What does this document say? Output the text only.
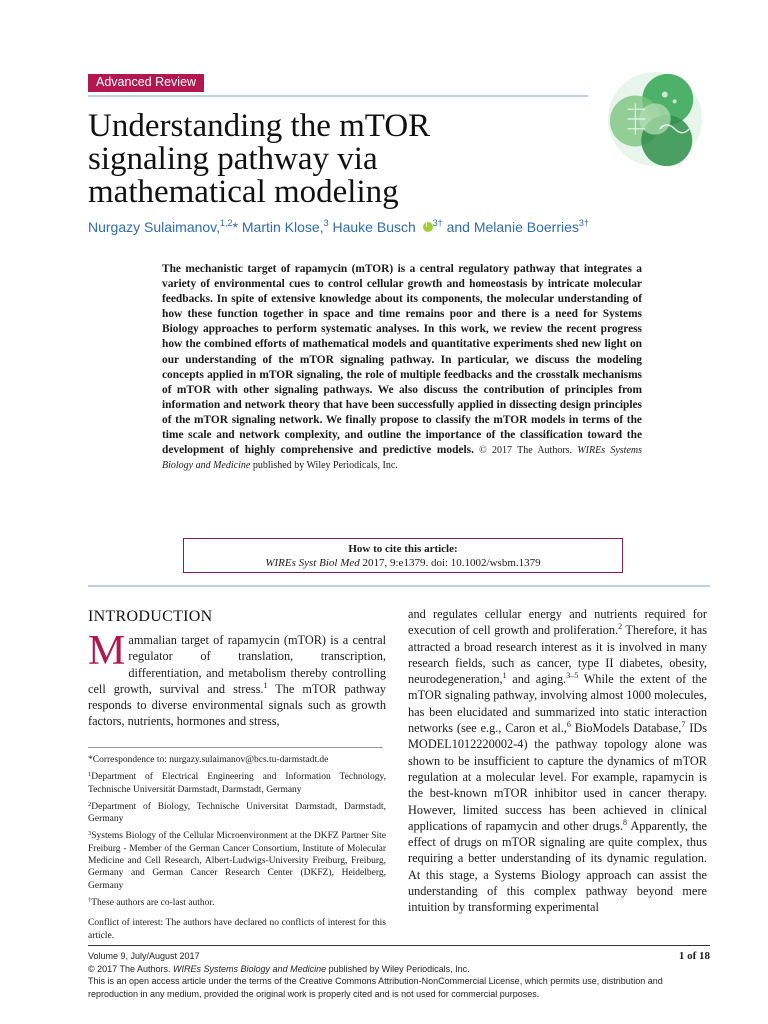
Advanced Review
Understanding the mTOR
signaling pathway via
mathematical modeling
Nurgazy Sulaimanov,$^{1,2}$* Martin Klose,$^3$ Hauke Busch $i^{3\dagger}$ and Melanie Boerries$^{3\dagger}$
The mechanistic target of rapamycin (mTOR) is a central regulatory pathway that integrates a variety of environmental cues to control cellular growth and homeostasis by intricate molecular feedbacks. In spite of extensive knowledge about its components, the molecular understanding of how these function together in space and time remains poor and there is a need for Systems Biology approaches to perform systematic analyses. In this work, we review the recent progress how the combined efforts of mathematical models and quantitative experiments shed new light on our understanding of the mTOR signaling pathway. In particular, we discuss the modeling concepts applied in mTOR signaling, the role of multiple feedbacks and the crosstalk mechanisms of mTOR with other signaling pathways. We also discuss the contribution of principles from information and network theory that have been successfully applied in dissecting design principles of the mTOR signaling network. We finally propose to classify the mTOR models in terms of the time scale and network complexity, and outline the importance of the classification toward the development of highly comprehensive and predictive models. © 2017 The Authors. WIREs Systems Biology and Medicine published by Wiley Periodicals, Inc.
How to cite this article:
WIREs Syst Biol Med 2017, 9:e1379. doi: 10.1002/wsbm.1379
INTRODUCTION
Mammalian target of rapamycin (mTOR) is a central regulator of translation, transcription, differentiation, and metabolism thereby controlling cell growth, survival and stress.$^1$ The mTOR pathway responds to diverse environmental signals such as growth factors, nutrients, hormones and stress,

*Correspondence to: nurgazy.sulaimanov@bcs.tu-darmstadt.de

$^1$Department of Electrical Engineering and Information Technology, Technische Universität Darmstadt, Darmstadt, Germany

$^2$Department of Biology, Technische Universitat Darmstadt, Darmstadt, Germany

$^3$Systems Biology of the Cellular Microenvironment at the DKFZ Partner Site Freiburg - Member of the German Cancer Consortium, Institute of Molecular Medicine and Cell Research, Albert-Ludwigs-University Freiburg, Freiburg, Germany and German Cancer Research Center (DKFZ), Heidelberg, Germany

†These authors are co-last author.

Conflict of interest: The authors have declared no conflicts of interest for this article.

and regulates cellular energy and nutrients required for execution of cell growth and proliferation.$^2$ Therefore, it has attracted a broad research interest as it is involved in many research fields, such as cancer, type II diabetes, obesity, neurodegeneration,$^1$ and aging.$^{3-5}$ While the extent of the mTOR signaling pathway, involving almost 1000 molecules, has been elucidated and summarized into static interaction networks (see e.g., Caron et al.,$^6$ BioModels Database,$^7$ IDs MODEL1012220002-4) the pathway topology alone was shown to be insufficient to capture the dynamics of mTOR regulation at a molecular level. For example, rapamycin is the best-known mTOR inhibitor used in cancer therapy. However, limited success has been achieved in clinical applications of rapamycin and other drugs.$^8$ Apparently, the effect of drugs on mTOR signaling are quite complex, thus requiring a better understanding of its dynamic regulation. At this stage, a Systems Biology approach can assist the understanding of this complex pathway beyond mere intuition by transforming experimental
Volume 9, July/August 2017	1 of 18
© 2017 The Authors. WIREs Systems Biology and Medicine published by Wiley Periodicals, Inc.
This is an open access article under the terms of the Creative Commons Attribution-NonCommercial License, which permits use, distribution and
reproduction in any medium, provided the original work is properly cited and is not used for commercial purposes.
